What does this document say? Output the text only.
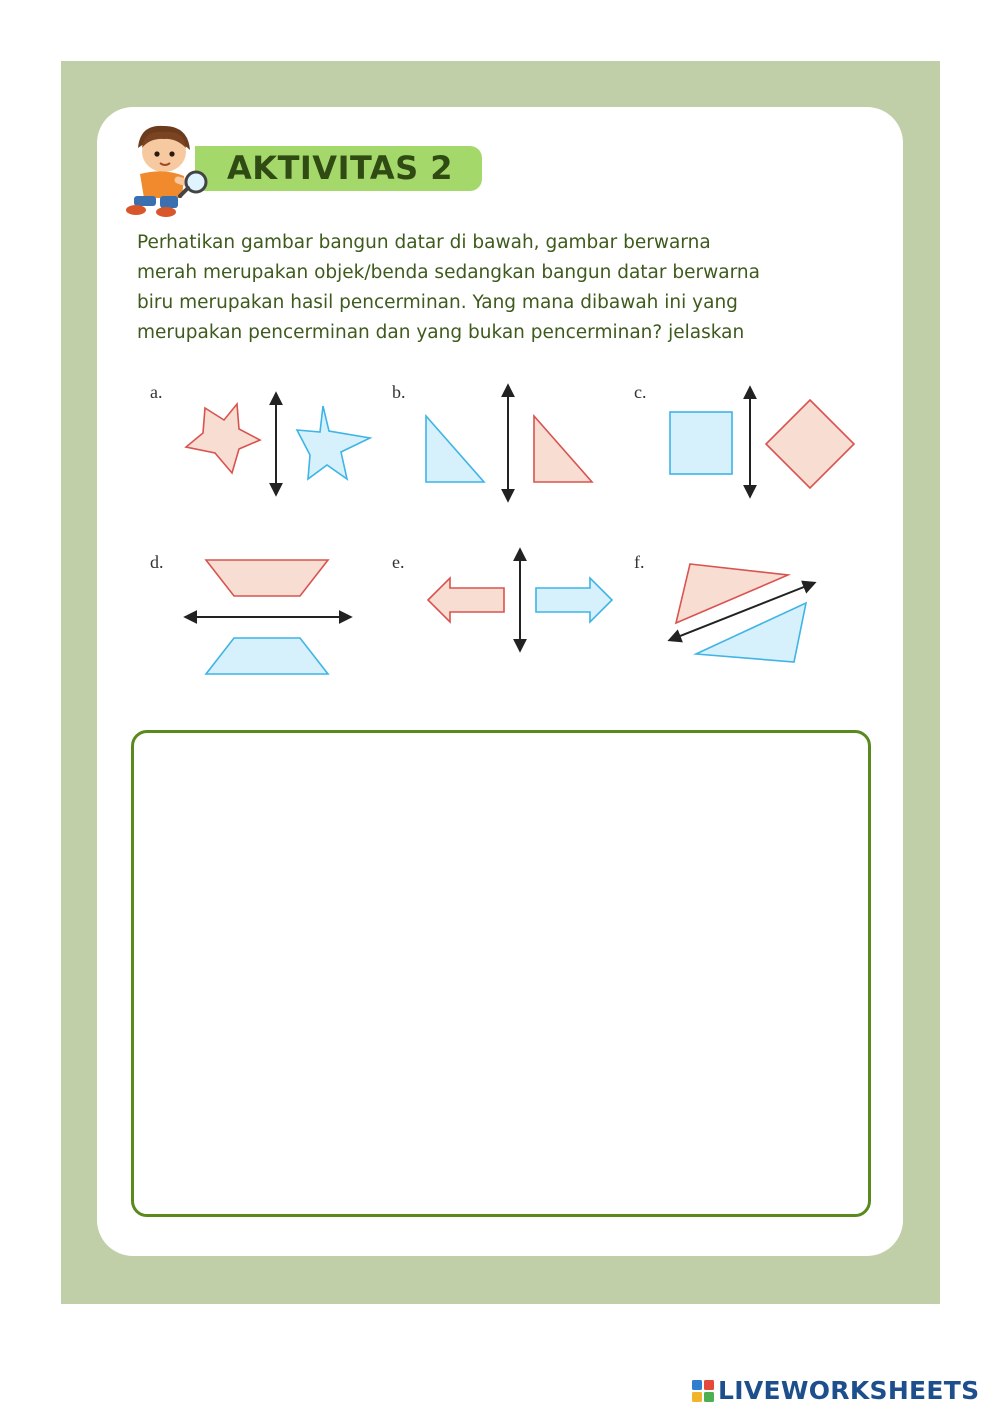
AKTIVITAS 2
Perhatikan gambar bangun datar di bawah, gambar berwarna
merah merupakan objek/benda sedangkan bangun datar berwarna
biru merupakan hasil pencerminan. Yang mana dibawah ini yang
merupakan pencerminan dan yang bukan pencerminan? jelaskan
a.	b.	c.
d.	e.	f.
LIVEWORKSHEETS
